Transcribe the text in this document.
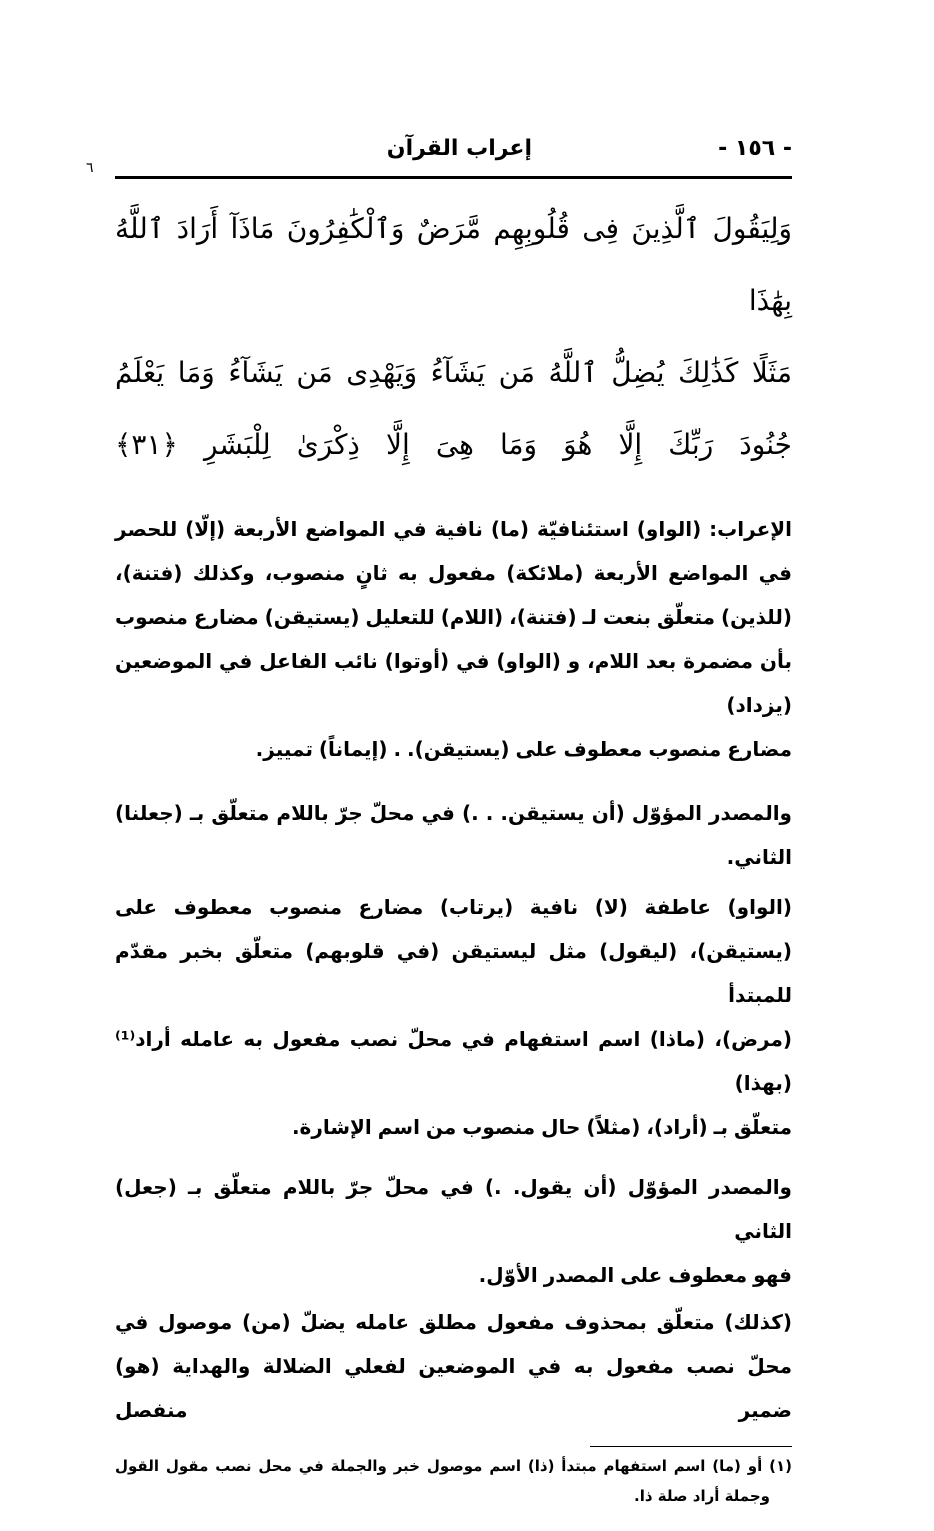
٦
- ١٥٦ -
إعراب القرآن
وَلِيَقُولَ ٱلَّذِينَ فِى قُلُوبِهِم مَّرَضٌ وَٱلْكَٰفِرُونَ مَاذَآ أَرَادَ ٱللَّهُ بِهَٰذَا
مَثَلًا كَذَٰلِكَ يُضِلُّ ٱللَّهُ مَن يَشَآءُ وَيَهْدِى مَن يَشَآءُ وَمَا يَعْلَمُ
جُنُودَ رَبِّكَ إِلَّا هُوَ وَمَا هِىَ إِلَّا ذِكْرَىٰ لِلْبَشَرِ ﴿٣١﴾
الإعراب: (الواو) استئنافيّة (ما) نافية في المواضع الأربعة (إلّا) للحصر
في المواضع الأربعة (ملائكة) مفعول به ثانٍ منصوب، وكذلك (فتنة)،
(للذين) متعلّق بنعت لـ (فتنة)، (اللام) للتعليل (يستيقن) مضارع منصوب
بأن مضمرة بعد اللام، و (الواو) في (أوتوا) نائب الفاعل في الموضعين (يزداد)
مضارع منصوب معطوف على (يستيقن). . (إيماناً) تمييز.
والمصدر المؤوّل (أن يستيقن. . .) في محلّ جرّ باللام متعلّق بـ (جعلنا)
الثاني.
(الواو) عاطفة (لا) نافية (يرتاب) مضارع منصوب معطوف على
(يستيقن)، (ليقول) مثل ليستيقن (في قلوبهم) متعلّق بخبر مقدّم للمبتدأ
(مرض)، (ماذا) اسم استفهام في محلّ نصب مفعول به عامله أراد⁽¹⁾ (بهذا)
متعلّق بـ (أراد)، (مثلاً) حال منصوب من اسم الإشارة.
والمصدر المؤوّل (أن يقول. .) في محلّ جرّ باللام متعلّق بـ (جعل) الثاني
فهو معطوف على المصدر الأوّل.
(كذلك) متعلّق بمحذوف مفعول مطلق عامله يضلّ (من) موصول في
محلّ نصب مفعول به في الموضعين لفعلي الضلالة والهداية (هو) ضمير منفصل
(١) أو (ما) اسم استفهام مبتدأ (ذا) اسم موصول خبر والجملة في محل نصب مقول القول
وجملة أراد صلة ذا.
